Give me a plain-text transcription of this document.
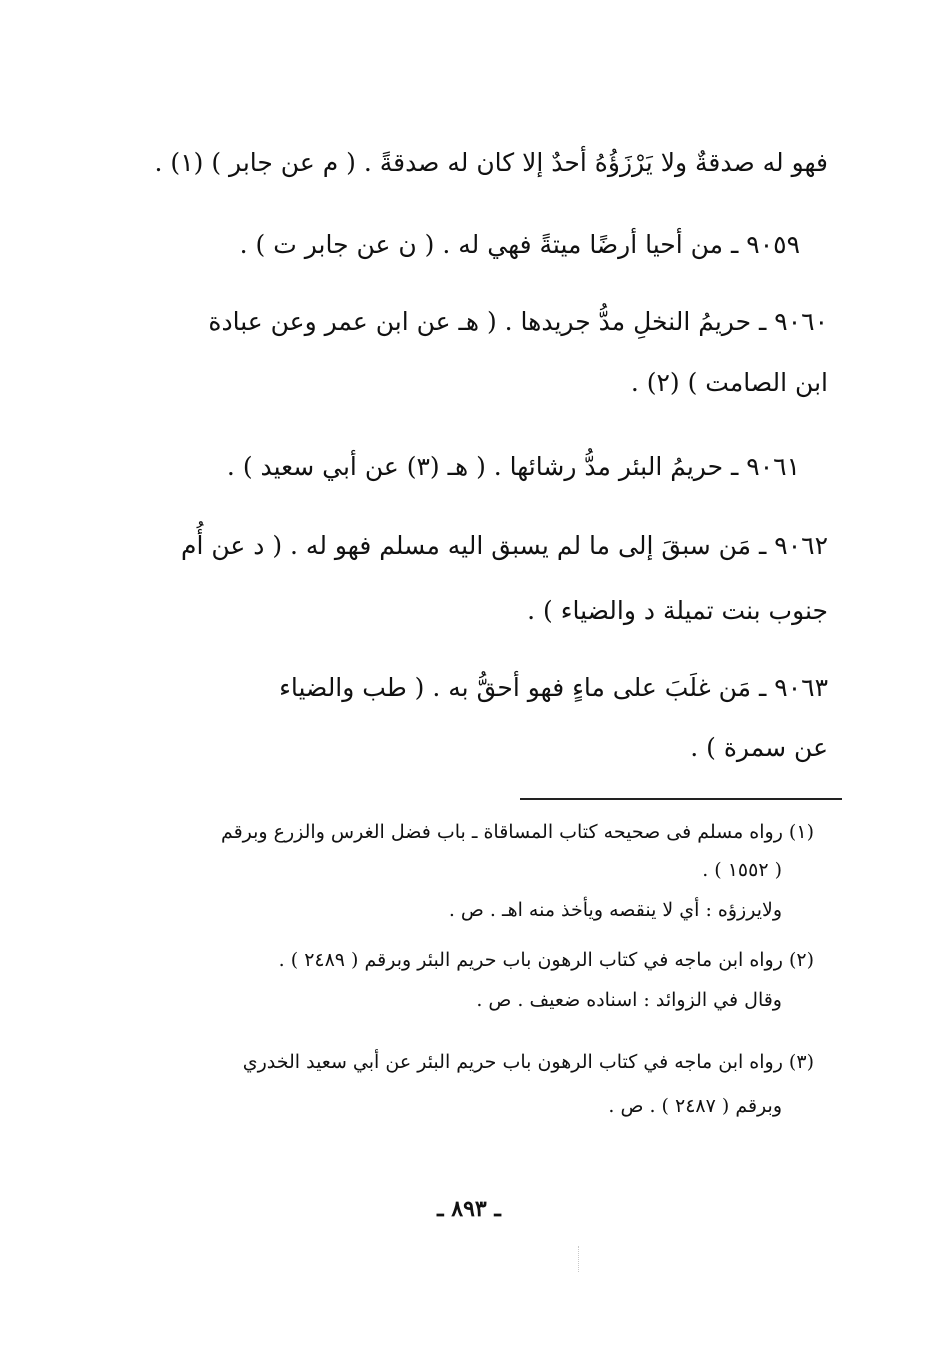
فهو له صدقةٌ ولا يَرْزَؤُهُ أحدٌ إلا كان له صدقةً . ( م عن جابر ) (١) .
٩٠٥٩ ـ من أحيا أرضًا ميتةً فهي له . ( ن عن جابر ت ) .
٩٠٦٠ ـ حريمُ النخلِ مدُّ جريدها . ( هـ عن ابن عمر وعن عبادة
ابن الصامت ) (٢) .
٩٠٦١ ـ حريمُ البئر مدُّ رشائها . ( هـ (٣) عن أبي سعيد ) .
٩٠٦٢ ـ مَن سبقَ إلى ما لم يسبق اليه مسلم فهو له . ( د عن أُم
جنوب بنت تميلة د والضياء ) .
٩٠٦٣ ـ مَن غلَبَ على ماءٍ فهو أحقُّ به . ( طب والضياء
عن سمرة ) .
(١) رواه مسلم فى صحيحه كتاب المساقاة ـ باب فضل الغرس والزرع وبرقم
( ١٥٥٢ ) .
ولايرزؤه : أي لا ينقصه ويأخذ منه اهـ . ص .
(٢) رواه ابن ماجه في كتاب الرهون باب حريم البئر وبرقم ( ٢٤٨٩ ) .
وقال في الزوائد : اسناده ضعيف . ص .
(٣) رواه ابن ماجه في كتاب الرهون باب حريم البئر عن أبي سعيد الخدري
وبرقم ( ٢٤٨٧ ) . ص .
ـ ٨٩٣ ـ
